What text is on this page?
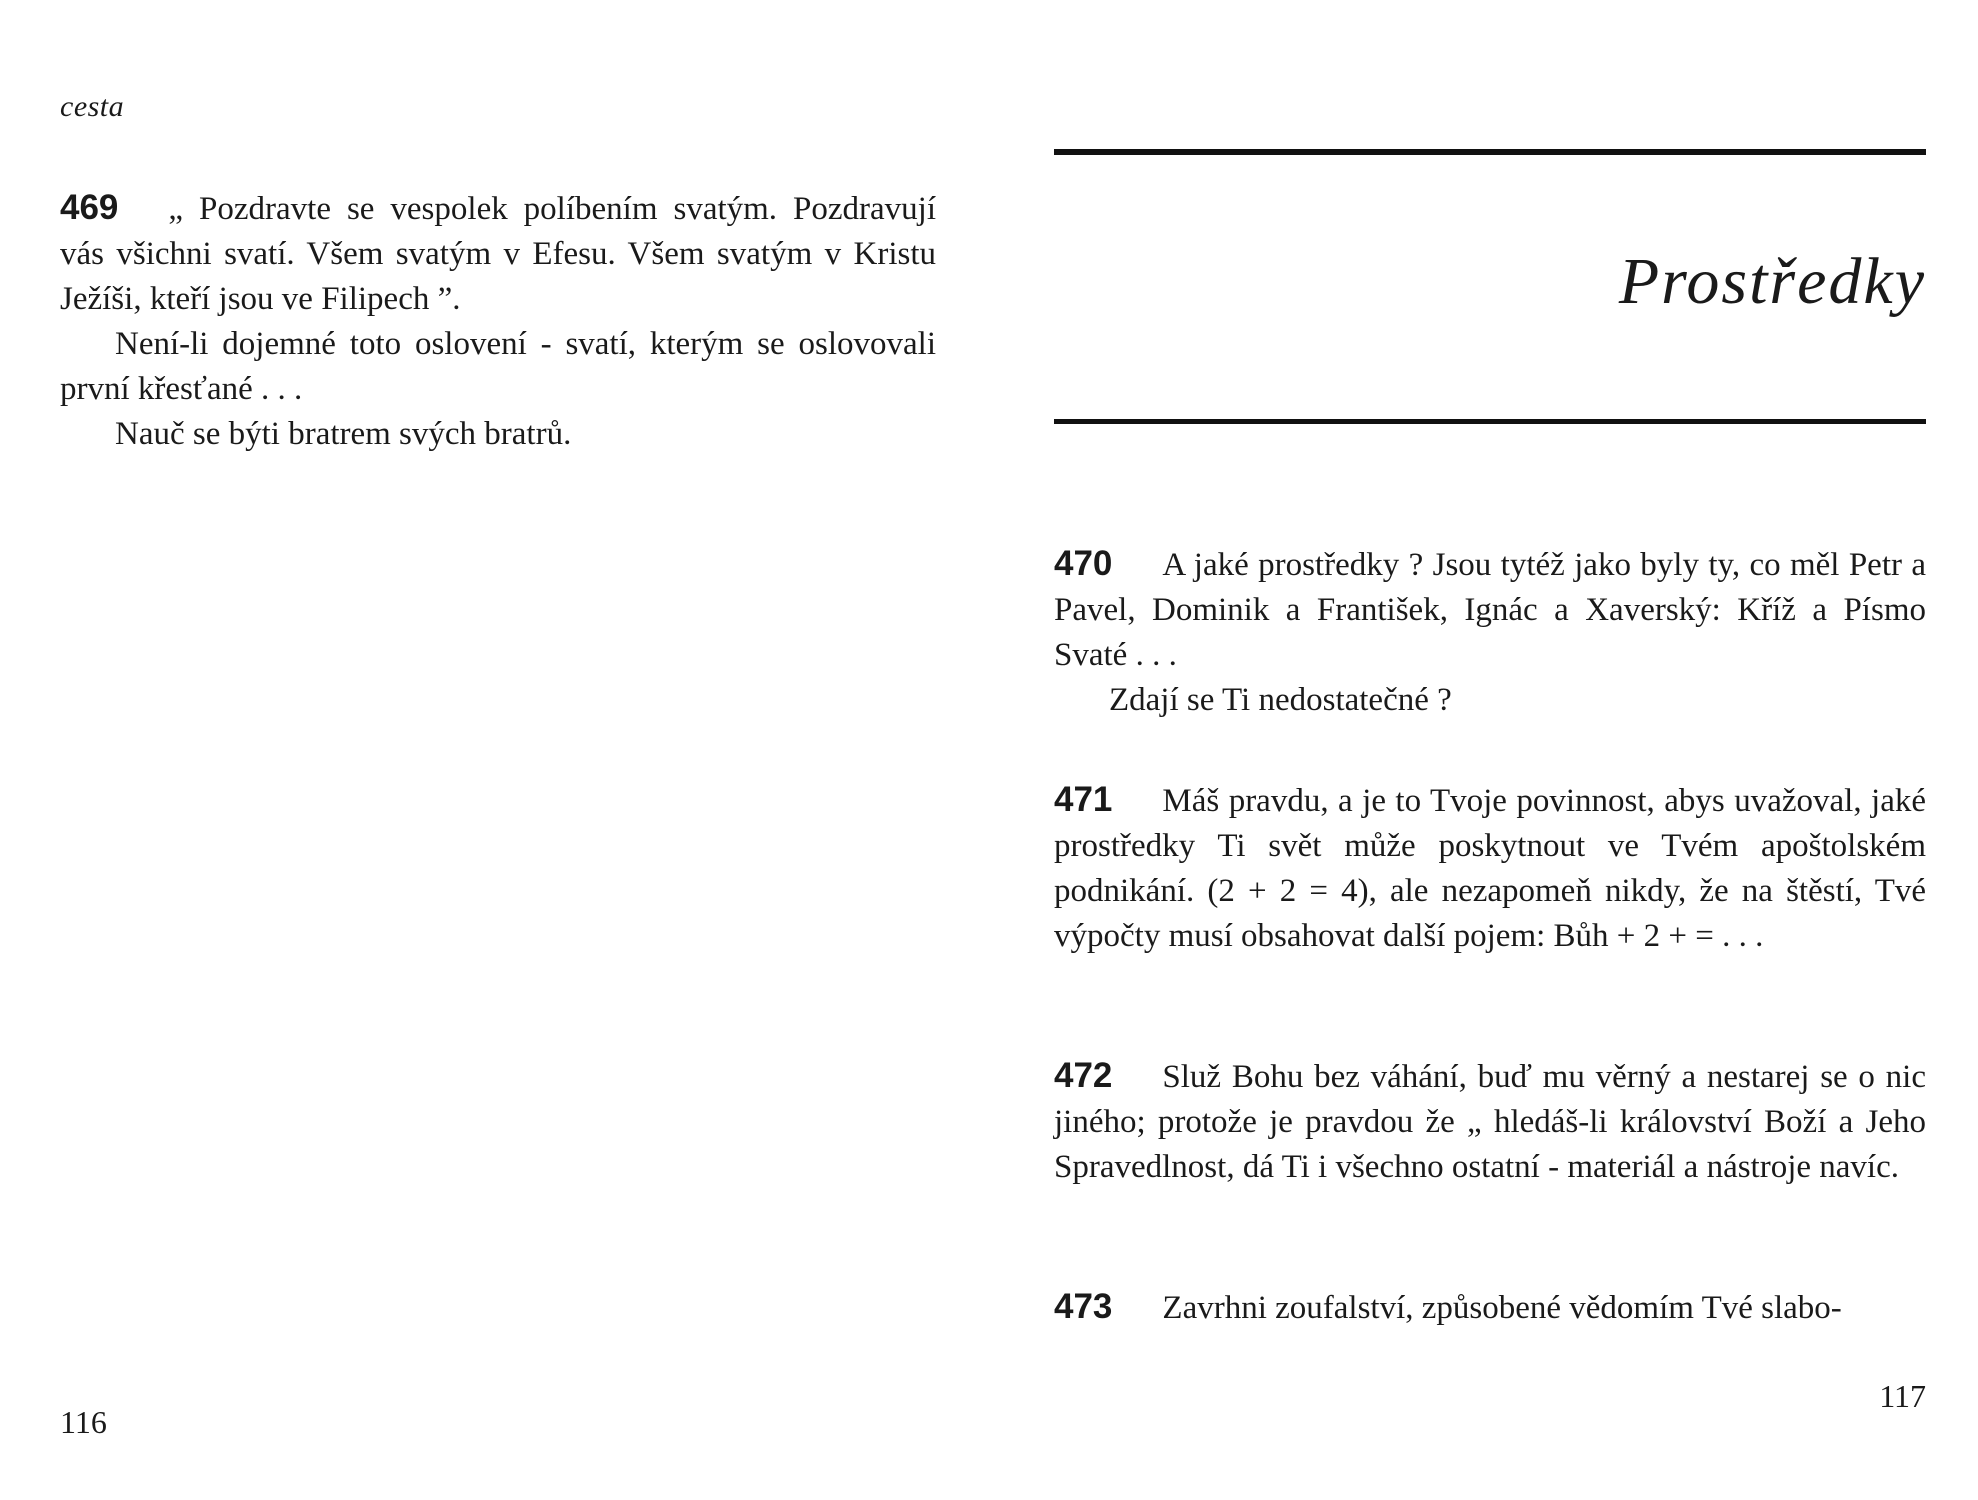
cesta

469 „ Pozdravte se vespolek políbením svatým. Pozdravují vás všichni svatí. Všem svatým v Efesu. Všem svatým v Kristu Ježíši, kteří jsou ve Filipech ”.

Není-li dojemné toto oslovení - svatí, kterým se oslovovali první křesťané . . .

Nauč se býti bratrem svých bratrů.

116
Prostředky

470 A jaké prostředky ? Jsou tytéž jako byly ty, co měl Petr a Pavel, Dominik a František, Ignác a Xaverský: Kříž a Písmo Svaté . . .

Zdají se Ti nedostatečné ?

471 Máš pravdu, a je to Tvoje povinnost, abys uvažoval, jaké prostředky Ti svět může poskytnout ve Tvém apoštolském podnikání. (2 + 2 = 4), ale nezapomeň nikdy, že na štěstí, Tvé výpočty musí obsahovat další pojem: Bůh + 2 + = . . .

472 Služ Bohu bez váhání, buď mu věrný a nestarej se o nic jiného; protože je pravdou že „ hledáš-li království Boží a Jeho Spravedlnost, dá Ti i všechno ostatní - materiál a nástroje navíc.

473 Zavrhni zoufalství, způsobené vědomím Tvé slabo-

117
